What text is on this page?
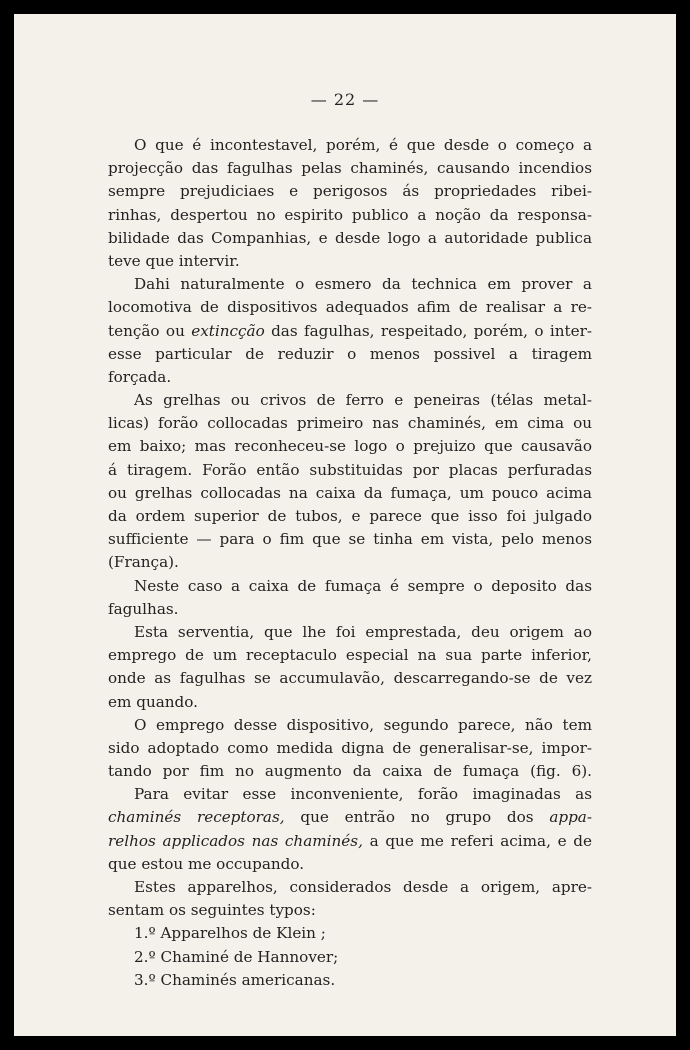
— 22 —
O que é incontestavel, porém, é que desde o começo a
projecção das fagulhas pelas chaminés, causando incendios
sempre prejudiciaes e perigosos ás propriedades ribei-
rinhas, despertou no espirito publico a noção da responsa-
bilidade das Companhias, e desde logo a autoridade publica
teve que intervir.
Dahi naturalmente o esmero da technica em prover a
locomotiva de dispositivos adequados afim de realisar a re-
tenção ou extincção das fagulhas, respeitado, porém, o inter-
esse particular de reduzir o menos possivel a tiragem
forçada.
As grelhas ou crivos de ferro e peneiras (télas metal-
licas) forão collocadas primeiro nas chaminés, em cima ou
em baixo; mas reconheceu-se logo o prejuizo que causavão
á tiragem. Forão então substituidas por placas perfuradas
ou grelhas collocadas na caixa da fumaça, um pouco acima
da ordem superior de tubos, e parece que isso foi julgado
sufficiente — para o fim que se tinha em vista, pelo menos
(França).
Neste caso a caixa de fumaça é sempre o deposito das
fagulhas.
Esta serventia, que lhe foi emprestada, deu origem ao
emprego de um receptaculo especial na sua parte inferior,
onde as fagulhas se accumulavão, descarregando-se de vez
em quando.
O emprego desse dispositivo, segundo parece, não tem
sido adoptado como medida digna de generalisar-se, impor-
tando por fim no augmento da caixa de fumaça (fig. 6).
Para evitar esse inconveniente, forão imaginadas as
chaminés receptoras, que entrão no grupo dos appa-
relhos applicados nas chaminés, a que me referi acima, e de
que estou me occupando.
Estes apparelhos, considerados desde a origem, apre-
sentam os seguintes typos:
1.º Apparelhos de Klein ;
2.º Chaminé de Hannover;
3.º Chaminés americanas.
